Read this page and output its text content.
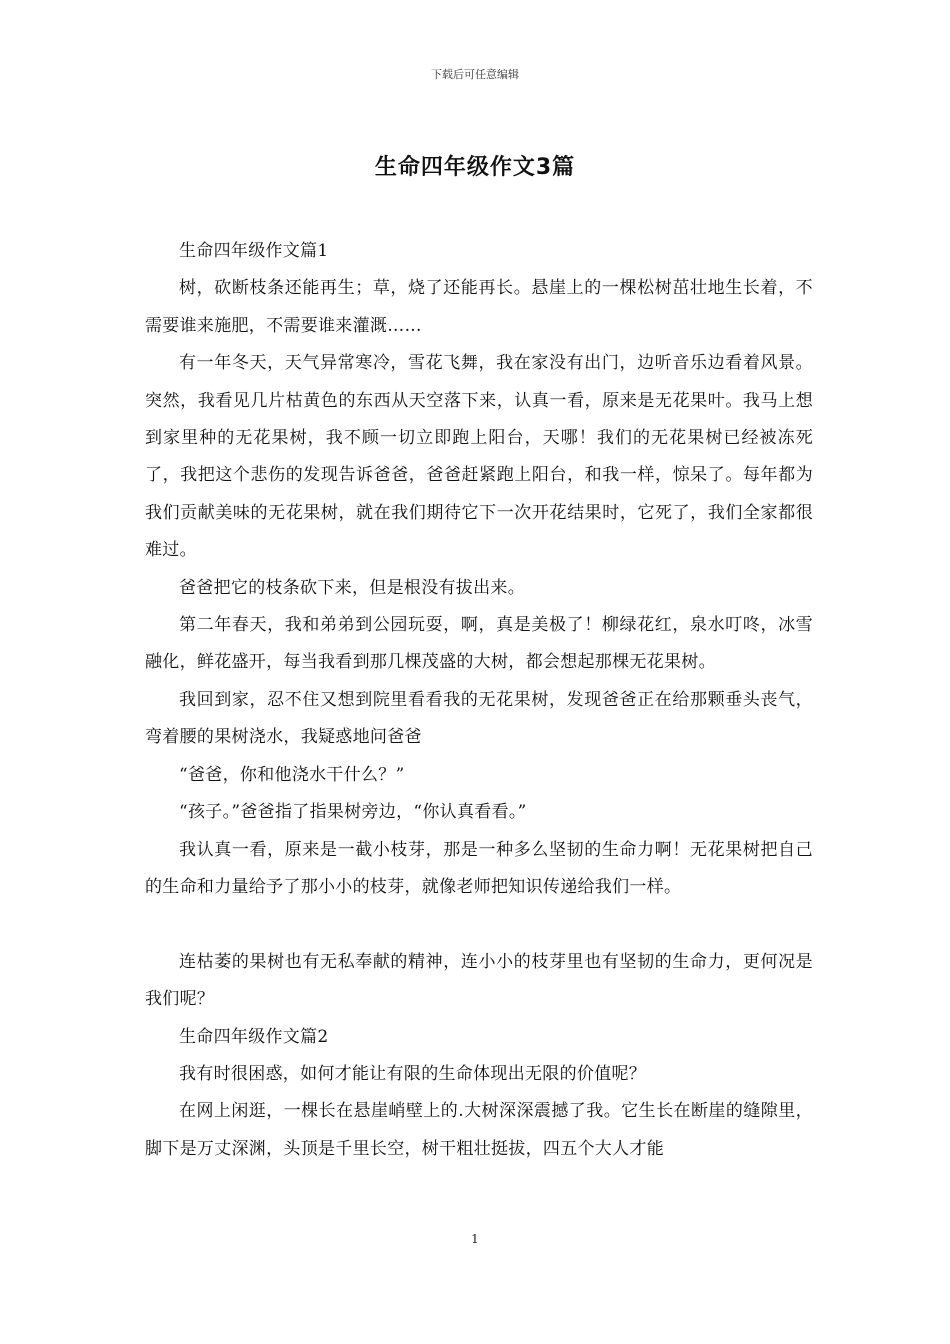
下载后可任意编辑
生命四年级作文3篇

生命四年级作文篇1

树，砍断枝条还能再生；草，烧了还能再长。悬崖上的一棵松树茁壮地生长着，不需要谁来施肥，不需要谁来灌溉……

有一年冬天，天气异常寒冷，雪花飞舞，我在家没有出门，边听音乐边看着风景。突然，我看见几片枯黄色的东西从天空落下来，认真一看，原来是无花果叶。我马上想到家里种的无花果树，我不顾一切立即跑上阳台，天哪！我们的无花果树已经被冻死了，我把这个悲伤的发现告诉爸爸，爸爸赶紧跑上阳台，和我一样，惊呆了。每年都为我们贡献美味的无花果树，就在我们期待它下一次开花结果时，它死了，我们全家都很难过。

爸爸把它的枝条砍下来，但是根没有拔出来。

第二年春天，我和弟弟到公园玩耍，啊，真是美极了！柳绿花红，泉水叮咚，冰雪融化，鲜花盛开，每当我看到那几棵茂盛的大树，都会想起那棵无花果树。

我回到家，忍不住又想到院里看看我的无花果树，发现爸爸正在给那颗垂头丧气，弯着腰的果树浇水，我疑惑地问爸爸

“爸爸，你和他浇水干什么？”

“孩子。”爸爸指了指果树旁边，“你认真看看。”

我认真一看，原来是一截小枝芽，那是一种多么坚韧的生命力啊！无花果树把自己的生命和力量给予了那小小的枝芽，就像老师把知识传递给我们一样。

连枯萎的果树也有无私奉献的精神，连小小的枝芽里也有坚韧的生命力，更何况是我们呢？

生命四年级作文篇2

我有时很困惑，如何才能让有限的生命体现出无限的价值呢？

在网上闲逛，一棵长在悬崖峭壁上的.大树深深震撼了我。它生长在断崖的缝隙里，脚下是万丈深渊，头顶是千里长空，树干粗壮挺拔，四五个大人才能

1
